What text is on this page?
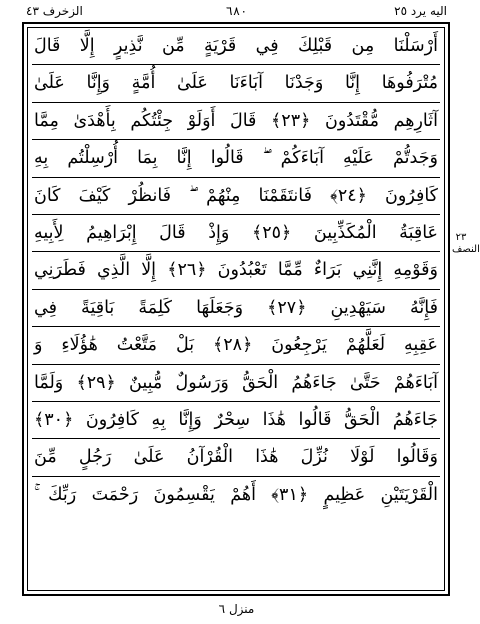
اليه يرد ٢٥
٦٨٠
الزخرف ٤٣
أَرْسَلْنَا مِن قَبْلِكَ فِي قَرْيَةٍ مِّن نَّذِيرٍ إِلَّا قَالَ
مُتْرَفُوهَا إِنَّا وَجَدْنَا آبَاءَنَا عَلَىٰ أُمَّةٍ وَإِنَّا عَلَىٰ
آثَارِهِم مُّقْتَدُونَ ﴿٢٣﴾ قَالَ أَوَلَوْ جِئْتُكُم بِأَهْدَىٰ مِمَّا
وَجَدتُّمْ عَلَيْهِ آبَاءَكُمْ ۖ قَالُوا إِنَّا بِمَا أُرْسِلْتُم بِهِ
كَافِرُونَ ﴿٢٤﴾ فَانتَقَمْنَا مِنْهُمْ ۖ فَانظُرْ كَيْفَ كَانَ
عَاقِبَةُ الْمُكَذِّبِينَ ﴿٢٥﴾ وَإِذْ قَالَ إِبْرَاهِيمُ لِأَبِيهِ
وَقَوْمِهِ إِنَّنِي بَرَاءٌ مِّمَّا تَعْبُدُونَ ﴿٢٦﴾ إِلَّا الَّذِي فَطَرَنِي
فَإِنَّهُ سَيَهْدِينِ ﴿٢٧﴾ وَجَعَلَهَا كَلِمَةً بَاقِيَةً فِي
عَقِبِهِ لَعَلَّهُمْ يَرْجِعُونَ ﴿٢٨﴾ بَلْ مَتَّعْتُ هَٰؤُلَاءِ وَ
آبَاءَهُمْ حَتَّىٰ جَاءَهُمُ الْحَقُّ وَرَسُولٌ مُّبِينٌ ﴿٢٩﴾ وَلَمَّا
جَاءَهُمُ الْحَقُّ قَالُوا هَٰذَا سِحْرٌ وَإِنَّا بِهِ كَافِرُونَ ﴿٣٠﴾
وَقَالُوا لَوْلَا نُزِّلَ هَٰذَا الْقُرْآنُ عَلَىٰ رَجُلٍ مِّنَ
الْقَرْيَتَيْنِ عَظِيمٍ ﴿٣١﴾ أَهُمْ يَقْسِمُونَ رَحْمَتَ رَبِّكَ ۚ
٢٣
النصف
منزل ٦
